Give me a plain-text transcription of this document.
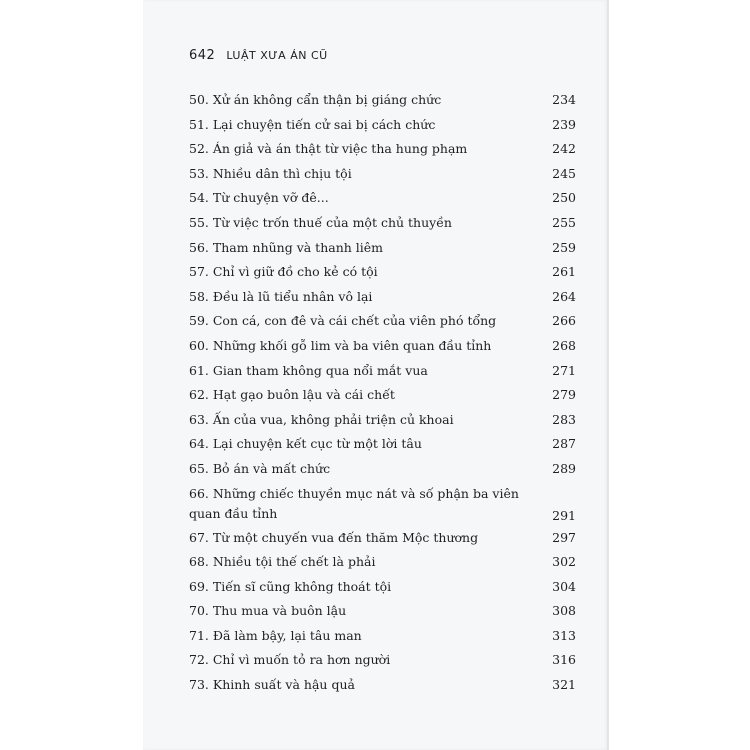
642 LUẬT XƯA ÁN CŨ
50. Xử án không cẩn thận bị giáng chức	234
51. Lại chuyện tiến cử sai bị cách chức	239
52. Án giả và án thật từ việc tha hung phạm	242
53. Nhiều dân thì chịu tội	245
54. Từ chuyện vỡ đê...	250
55. Từ việc trốn thuế của một chủ thuyền	255
56. Tham nhũng và thanh liêm	259
57. Chỉ vì giữ đồ cho kẻ có tội	261
58. Đều là lũ tiểu nhân vô lại	264
59. Con cá, con đê và cái chết của viên phó tổng	266
60. Những khối gỗ lim và ba viên quan đầu tỉnh	268
61. Gian tham không qua nổi mắt vua	271
62. Hạt gạo buôn lậu và cái chết	279
63. Ấn của vua, không phải triện củ khoai	283
64. Lại chuyện kết cục từ một lời tâu	287
65. Bỏ án và mất chức	289
66. Những chiếc thuyền mục nát và số phận ba viên quan đầu tỉnh	291
67. Từ một chuyến vua đến thăm Mộc thương	297
68. Nhiều tội thế chết là phải	302
69. Tiến sĩ cũng không thoát tội	304
70. Thu mua và buôn lậu	308
71. Đã làm bậy, lại tâu man	313
72. Chỉ vì muốn tỏ ra hơn người	316
73. Khinh suất và hậu quả	321
